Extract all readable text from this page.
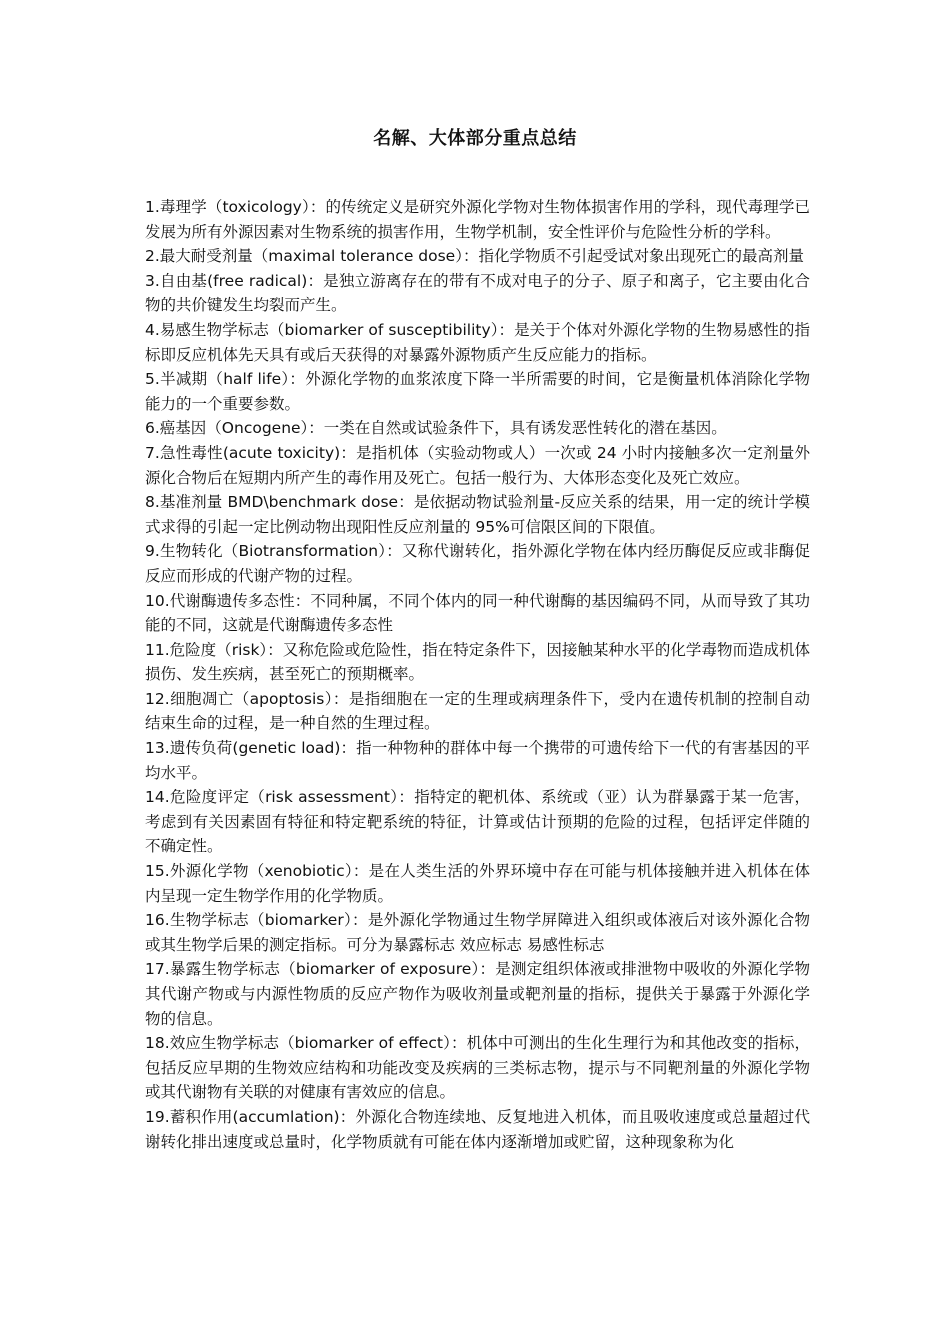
名解、大体部分重点总结

1.毒理学（toxicology）：的传统定义是研究外源化学物对生物体损害作用的学科，现代毒理学已发展为所有外源因素对生物系统的损害作用，生物学机制，安全性评价与危险性分析的学科。

2.最大耐受剂量（maximal tolerance dose）：指化学物质不引起受试对象出现死亡的最高剂量

3.自由基(free radical)：是独立游离存在的带有不成对电子的分子、原子和离子，它主要由化合物的共价键发生均裂而产生。

4.易感生物学标志（biomarker of susceptibility）：是关于个体对外源化学物的生物易感性的指标即反应机体先天具有或后天获得的对暴露外源物质产生反应能力的指标。

5.半减期（half life）：外源化学物的血浆浓度下降一半所需要的时间，它是衡量机体消除化学物能力的一个重要参数。

6.癌基因（Oncogene）：一类在自然或试验条件下，具有诱发恶性转化的潜在基因。

7.急性毒性(acute toxicity)：是指机体（实验动物或人）一次或 24 小时内接触多次一定剂量外源化合物后在短期内所产生的毒作用及死亡。包括一般行为、大体形态变化及死亡效应。

8.基准剂量 BMD\benchmark dose：是依据动物试验剂量-反应关系的结果，用一定的统计学模式求得的引起一定比例动物出现阳性反应剂量的 95%可信限区间的下限值。

9.生物转化（Biotransformation）：又称代谢转化，指外源化学物在体内经历酶促反应或非酶促反应而形成的代谢产物的过程。

10.代谢酶遗传多态性：不同种属，不同个体内的同一种代谢酶的基因编码不同，从而导致了其功能的不同，这就是代谢酶遗传多态性

11.危险度（risk）：又称危险或危险性，指在特定条件下，因接触某种水平的化学毒物而造成机体损伤、发生疾病，甚至死亡的预期概率。

12.细胞凋亡（apoptosis）：是指细胞在一定的生理或病理条件下，受内在遗传机制的控制自动结束生命的过程，是一种自然的生理过程。

13.遗传负荷(genetic load)：指一种物种的群体中每一个携带的可遗传给下一代的有害基因的平均水平。

14.危险度评定（risk assessment）：指特定的靶机体、系统或（亚）认为群暴露于某一危害，考虑到有关因素固有特征和特定靶系统的特征，计算或估计预期的危险的过程，包括评定伴随的不确定性。

15.外源化学物（xenobiotic）：是在人类生活的外界环境中存在可能与机体接触并进入机体在体内呈现一定生物学作用的化学物质。

16.生物学标志（biomarker）：是外源化学物通过生物学屏障进入组织或体液后对该外源化合物或其生物学后果的测定指标。可分为暴露标志 效应标志 易感性标志

17.暴露生物学标志（biomarker of exposure）：是测定组织体液或排泄物中吸收的外源化学物其代谢产物或与内源性物质的反应产物作为吸收剂量或靶剂量的指标，提供关于暴露于外源化学物的信息。

18.效应生物学标志（biomarker of effect）：机体中可测出的生化生理行为和其他改变的指标，包括反应早期的生物效应结构和功能改变及疾病的三类标志物，提示与不同靶剂量的外源化学物或其代谢物有关联的对健康有害效应的信息。

19.蓄积作用(accumlation)：外源化合物连续地、反复地进入机体，而且吸收速度或总量超过代谢转化排出速度或总量时，化学物质就有可能在体内逐渐增加或贮留，这种现象称为化
